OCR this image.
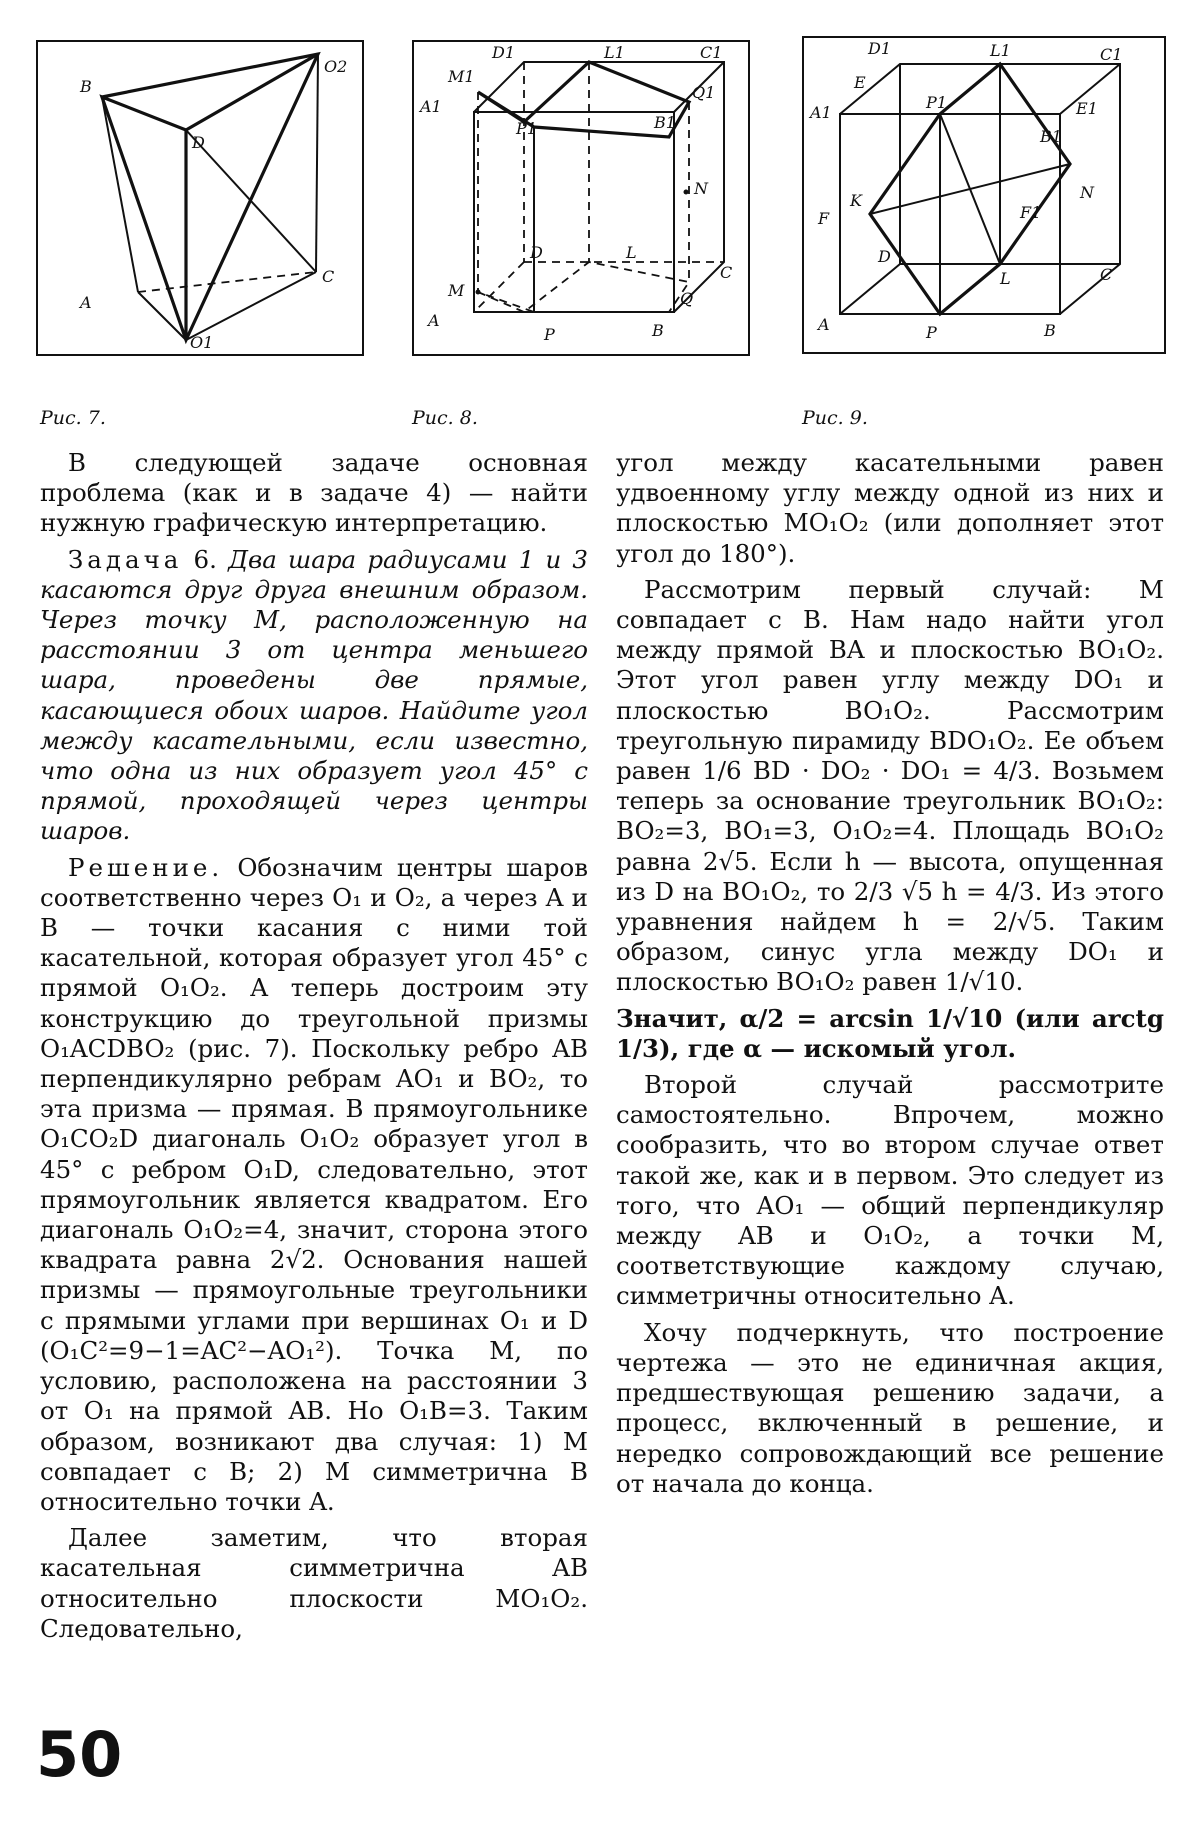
B
O2
D
C
A
O1
D1	L1	C1
M1
A1
Q1
P1	B1
N
D	L
C
M
A
Q
P	B
D1	L1	C1
E
P1
A1	E1
B1
K	N
F	F1
D
L	C
A	P	B
Рис. 7.	Рис. 8.	Рис. 9.

В следующей задаче основная проблема (как и в задаче 4) — найти нужную графическую интерпретацию.

Задача 6. Два шара радиусами 1 и 3 касаются друг друга внешним образом. Через точку М, расположенную на расстоянии 3 от центра меньшего шара, проведены две прямые, касающиеся обоих шаров. Найдите угол между касательными, если известно, что одна из них образует угол 45° с прямой, проходящей через центры шаров.

Решение. Обозначим центры шаров соответственно через O₁ и O₂, а через A и B — точки касания с ними той касательной, которая образует угол 45° с прямой O₁O₂. А теперь достроим эту конструкцию до треугольной призмы O₁ACDBO₂ (рис. 7). Поскольку ребро AB перпендикулярно ребрам AO₁ и BO₂, то эта призма — прямая. В прямоугольнике O₁CO₂D диагональ O₁O₂ образует угол в 45° с ребром O₁D, следовательно, этот прямоугольник является квадратом. Его диагональ O₁O₂=4, значит, сторона этого квадрата равна 2√2. Основания нашей призмы — прямоугольные треугольники с прямыми углами при вершинах O₁ и D (O₁C²=9−1=AC²−AO₁²). Точка M, по условию, расположена на расстоянии 3 от O₁ на прямой AB. Но O₁B=3. Таким образом, возникают два случая: 1) M совпадает с B; 2) M симметрична B относительно точки A.

Далее заметим, что вторая касательная симметрична AB относительно плоскости MO₁O₂. Следовательно,

угол между касательными равен удвоенному углу между одной из них и плоскостью MO₁O₂ (или дополняет этот угол до 180°).

Рассмотрим первый случай: M совпадает с B. Нам надо найти угол между прямой BA и плоскостью BO₁O₂. Этот угол равен углу между DO₁ и плоскостью BO₁O₂. Рассмотрим треугольную пирамиду BDO₁O₂. Ее объем равен 1/6 BD · DO₂ · DO₁ = 4/3. Возьмем теперь за основание треугольник BO₁O₂: BO₂=3, BO₁=3, O₁O₂=4. Площадь BO₁O₂ равна 2√5. Если h — высота, опущенная из D на BO₁O₂, то 2/3 √5 h = 4/3. Из этого уравнения найдем h = 2/√5. Таким образом, синус угла между DO₁ и плоскостью BO₁O₂ равен 1/√10.

Значит, α/2 = arcsin 1/√10 (или arctg 1/3), где α — искомый угол.

Второй случай рассмотрите самостоятельно. Впрочем, можно сообразить, что во втором случае ответ такой же, как и в первом. Это следует из того, что AO₁ — общий перпендикуляр между AB и O₁O₂, а точки M, соответствующие каждому случаю, симметричны относительно A.

Хочу подчеркнуть, что построение чертежа — это не единичная акция, предшествующая решению задачи, а процесс, включенный в решение, и нередко сопровождающий все решение от начала до конца.

50
